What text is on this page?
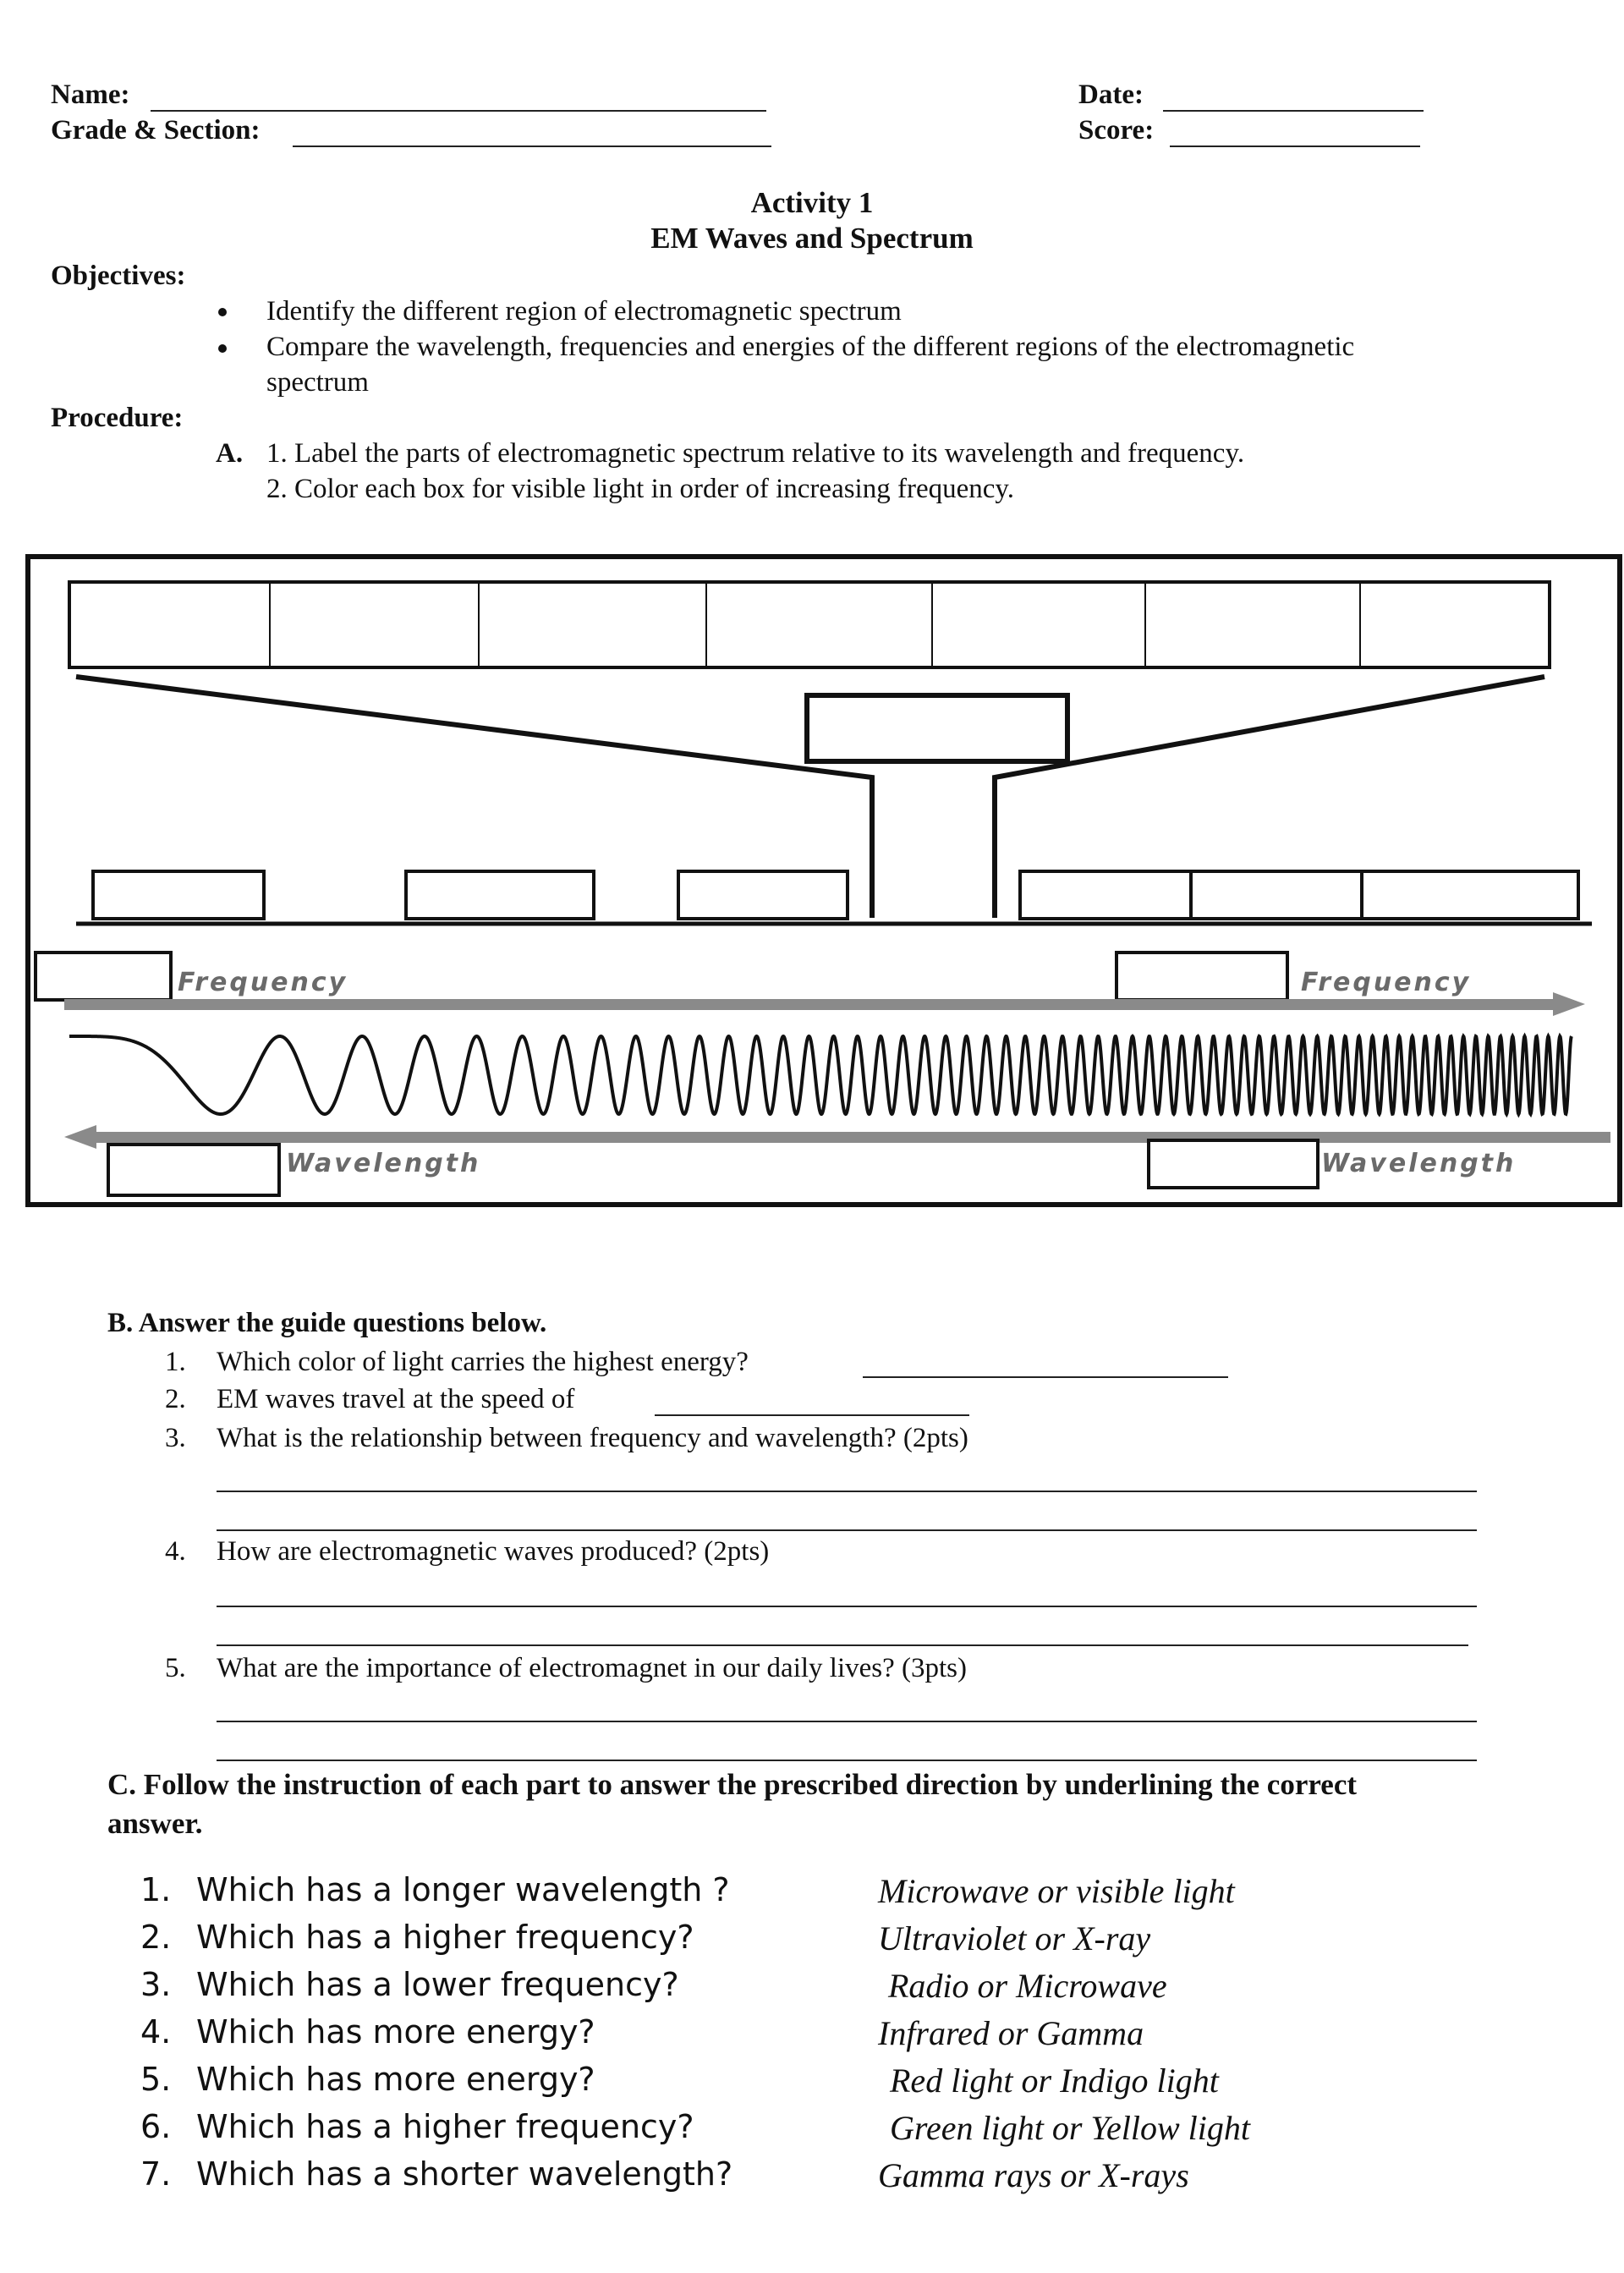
Name:
Grade & Section:
Date:
Score:
Activity 1
EM Waves and Spectrum
Objectives:
Identify the different region of electromagnetic spectrum
Compare the wavelength, frequencies and energies of the different regions of the electromagnetic
spectrum
Procedure:
A. 1. Label the parts of electromagnetic spectrum relative to its wavelength and frequency.
2. Color each box for visible light in order of increasing frequency.
Frequency	Frequency
Wavelength	Wavelength
B. Answer the guide questions below.
1. Which color of light carries the highest energy?
2. EM waves travel at the speed of
3. What is the relationship between frequency and wavelength? (2pts)
4. How are electromagnetic waves produced? (2pts)
5. What are the importance of electromagnet in our daily lives? (3pts)
C. Follow the instruction of each part to answer the prescribed direction by underlining the correct
answer.
1. Which has a longer wavelength ?	Microwave or visible light
2. Which has a higher frequency?	Ultraviolet or X-ray
3. Which has a lower frequency?	Radio or Microwave
4. Which has more energy?	Infrared or Gamma
5. Which has more energy?	Red light or Indigo light
6. Which has a higher frequency?	Green light or Yellow light
7. Which has a shorter wavelength?	Gamma rays or X-rays
